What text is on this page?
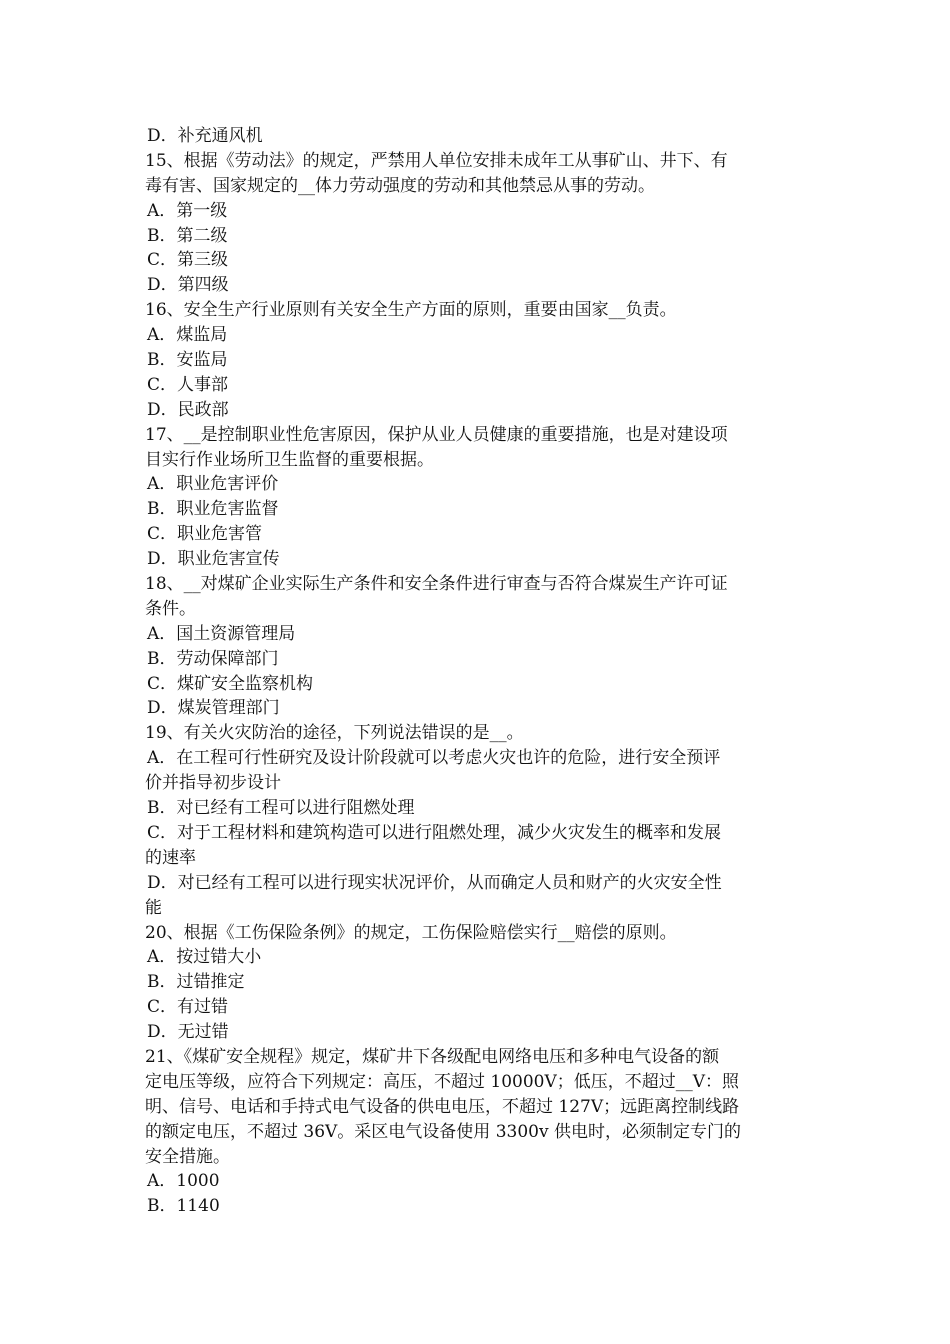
D．补充通风机
15、根据《劳动法》的规定，严禁用人单位安排未成年工从事矿山、井下、有
毒有害、国家规定的__体力劳动强度的劳动和其他禁忌从事的劳动。
A．第一级
B．第二级
C．第三级
D．第四级
16、安全生产行业原则有关安全生产方面的原则，重要由国家__负责。
A．煤监局
B．安监局
C．人事部
D．民政部
17、__是控制职业性危害原因，保护从业人员健康的重要措施，也是对建设项
目实行作业场所卫生监督的重要根据。
A．职业危害评价
B．职业危害监督
C．职业危害管
D．职业危害宣传
18、__对煤矿企业实际生产条件和安全条件进行审查与否符合煤炭生产许可证
条件。
A．国土资源管理局
B．劳动保障部门
C．煤矿安全监察机构
D．煤炭管理部门
19、有关火灾防治的途径，下列说法错误的是__。
A．在工程可行性研究及设计阶段就可以考虑火灾也许的危险，进行安全预评
价并指导初步设计
B．对已经有工程可以进行阻燃处理
C．对于工程材料和建筑构造可以进行阻燃处理，减少火灾发生的概率和发展
的速率
D．对已经有工程可以进行现实状况评价，从而确定人员和财产的火灾安全性
能
20、根据《工伤保险条例》的规定，工伤保险赔偿实行__赔偿的原则。
A．按过错大小
B．过错推定
C．有过错
D．无过错
21、《煤矿安全规程》规定，煤矿井下各级配电网络电压和多种电气设备的额
定电压等级，应符合下列规定：高压，不超过 10000V；低压，不超过__V：照
明、信号、电话和手持式电气设备的供电电压，不超过 127V；远距离控制线路
的额定电压，不超过 36V。采区电气设备使用 3300v 供电时，必须制定专门的
安全措施。
A．1000
B．1140
